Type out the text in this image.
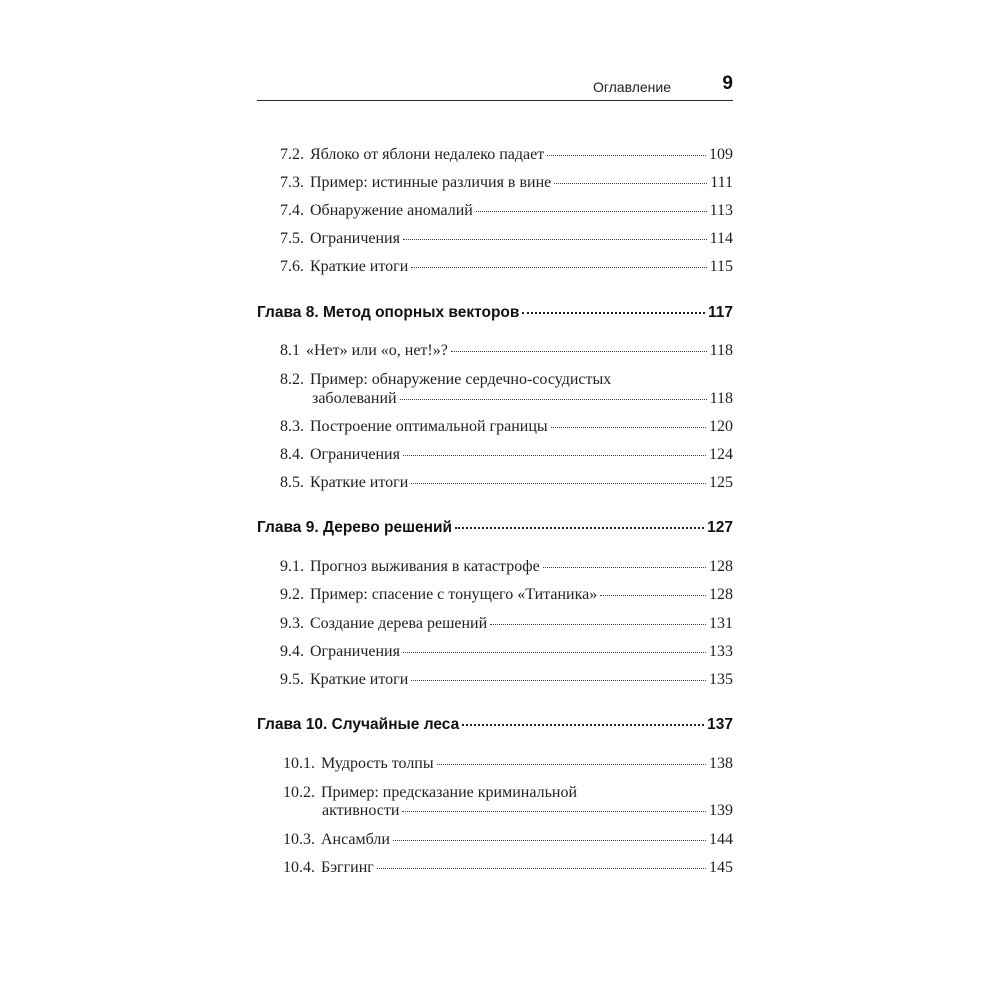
Оглавление	9
7.2. Яблоко от яблони недалеко падает	109
7.3. Пример: истинные различия в вине	111
7.4. Обнаружение аномалий	113
7.5. Ограничения	114
7.6. Краткие итоги	115
Глава 8. Метод опорных векторов	117
8.1 «Нет» или «о, нет!»?	118
8.2. Пример: обнаружение сердечно-сосудистых
заболеваний	118
8.3. Построение оптимальной границы	120
8.4. Ограничения	124
8.5. Краткие итоги	125
Глава 9. Дерево решений	127
9.1. Прогноз выживания в катастрофе	128
9.2. Пример: спасение с тонущего «Титаника»	128
9.3. Создание дерева решений	131
9.4. Ограничения	133
9.5. Краткие итоги	135
Глава 10. Случайные леса	137
10.1. Мудрость толпы	138
10.2. Пример: предсказание криминальной
активности	139
10.3. Ансамбли	144
10.4. Бэггинг	145
